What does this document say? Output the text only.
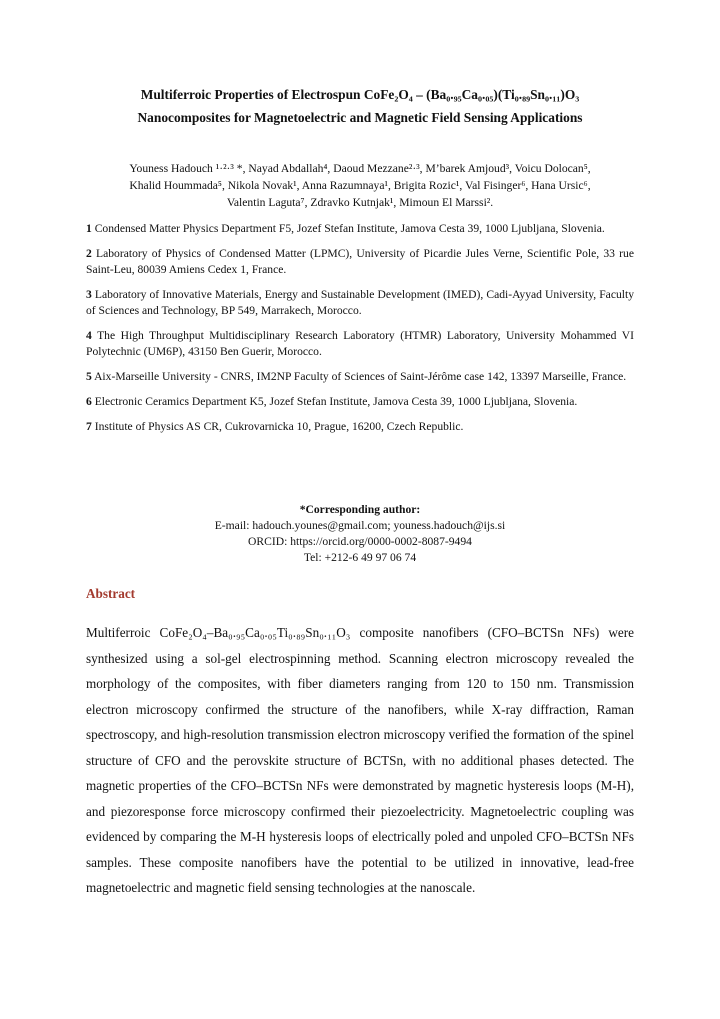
Multiferroic Properties of Electrospun CoFe₂O₄ – (Ba₀.₉₅Ca₀.₀₅)(Ti₀.₈₉Sn₀.₁₁)O₃
Nanocomposites for Magnetoelectric and Magnetic Field Sensing Applications
Youness Hadouch ¹·²·³ *, Nayad Abdallah⁴, Daoud Mezzane²·³, M’barek Amjoud³, Voicu Dolocan⁵,
Khalid Hoummada⁵, Nikola Novak¹, Anna Razumnaya¹, Brigita Rozic¹, Val Fisinger⁶, Hana Ursic⁶,
Valentin Laguta⁷, Zdravko Kutnjak¹, Mimoun El Marssi².

1 Condensed Matter Physics Department F5, Jozef Stefan Institute, Jamova Cesta 39, 1000 Ljubljana, Slovenia.

2 Laboratory of Physics of Condensed Matter (LPMC), University of Picardie Jules Verne, Scientific Pole, 33 rue Saint-Leu, 80039 Amiens Cedex 1, France.

3 Laboratory of Innovative Materials, Energy and Sustainable Development (IMED), Cadi-Ayyad University, Faculty of Sciences and Technology, BP 549, Marrakech, Morocco.

4 The High Throughput Multidisciplinary Research Laboratory (HTMR) Laboratory, University Mohammed VI Polytechnic (UM6P), 43150 Ben Guerir, Morocco.

5 Aix-Marseille University - CNRS, IM2NP Faculty of Sciences of Saint-Jérôme case 142, 13397 Marseille, France.

6 Electronic Ceramics Department K5, Jozef Stefan Institute, Jamova Cesta 39, 1000 Ljubljana, Slovenia.

7 Institute of Physics AS CR, Cukrovarnicka 10, Prague, 16200, Czech Republic.

*Corresponding author:
E-mail: hadouch.younes@gmail.com; youness.hadouch@ijs.si
ORCID: https://orcid.org/0000-0002-8087-9494
Tel: +212-6 49 97 06 74
Abstract
Multiferroic CoFe₂O₄–Ba₀.₉₅Ca₀.₀₅Ti₀.₈₉Sn₀.₁₁O₃ composite nanofibers (CFO–BCTSn NFs) were synthesized using a sol-gel electrospinning method. Scanning electron microscopy revealed the morphology of the composites, with fiber diameters ranging from 120 to 150 nm. Transmission electron microscopy confirmed the structure of the nanofibers, while X-ray diffraction, Raman spectroscopy, and high-resolution transmission electron microscopy verified the formation of the spinel structure of CFO and the perovskite structure of BCTSn, with no additional phases detected. The magnetic properties of the CFO–BCTSn NFs were demonstrated by magnetic hysteresis loops (M-H), and piezoresponse force microscopy confirmed their piezoelectricity. Magnetoelectric coupling was evidenced by comparing the M-H hysteresis loops of electrically poled and unpoled CFO–BCTSn NFs samples. These composite nanofibers have the potential to be utilized in innovative, lead-free magnetoelectric and magnetic field sensing technologies at the nanoscale.
